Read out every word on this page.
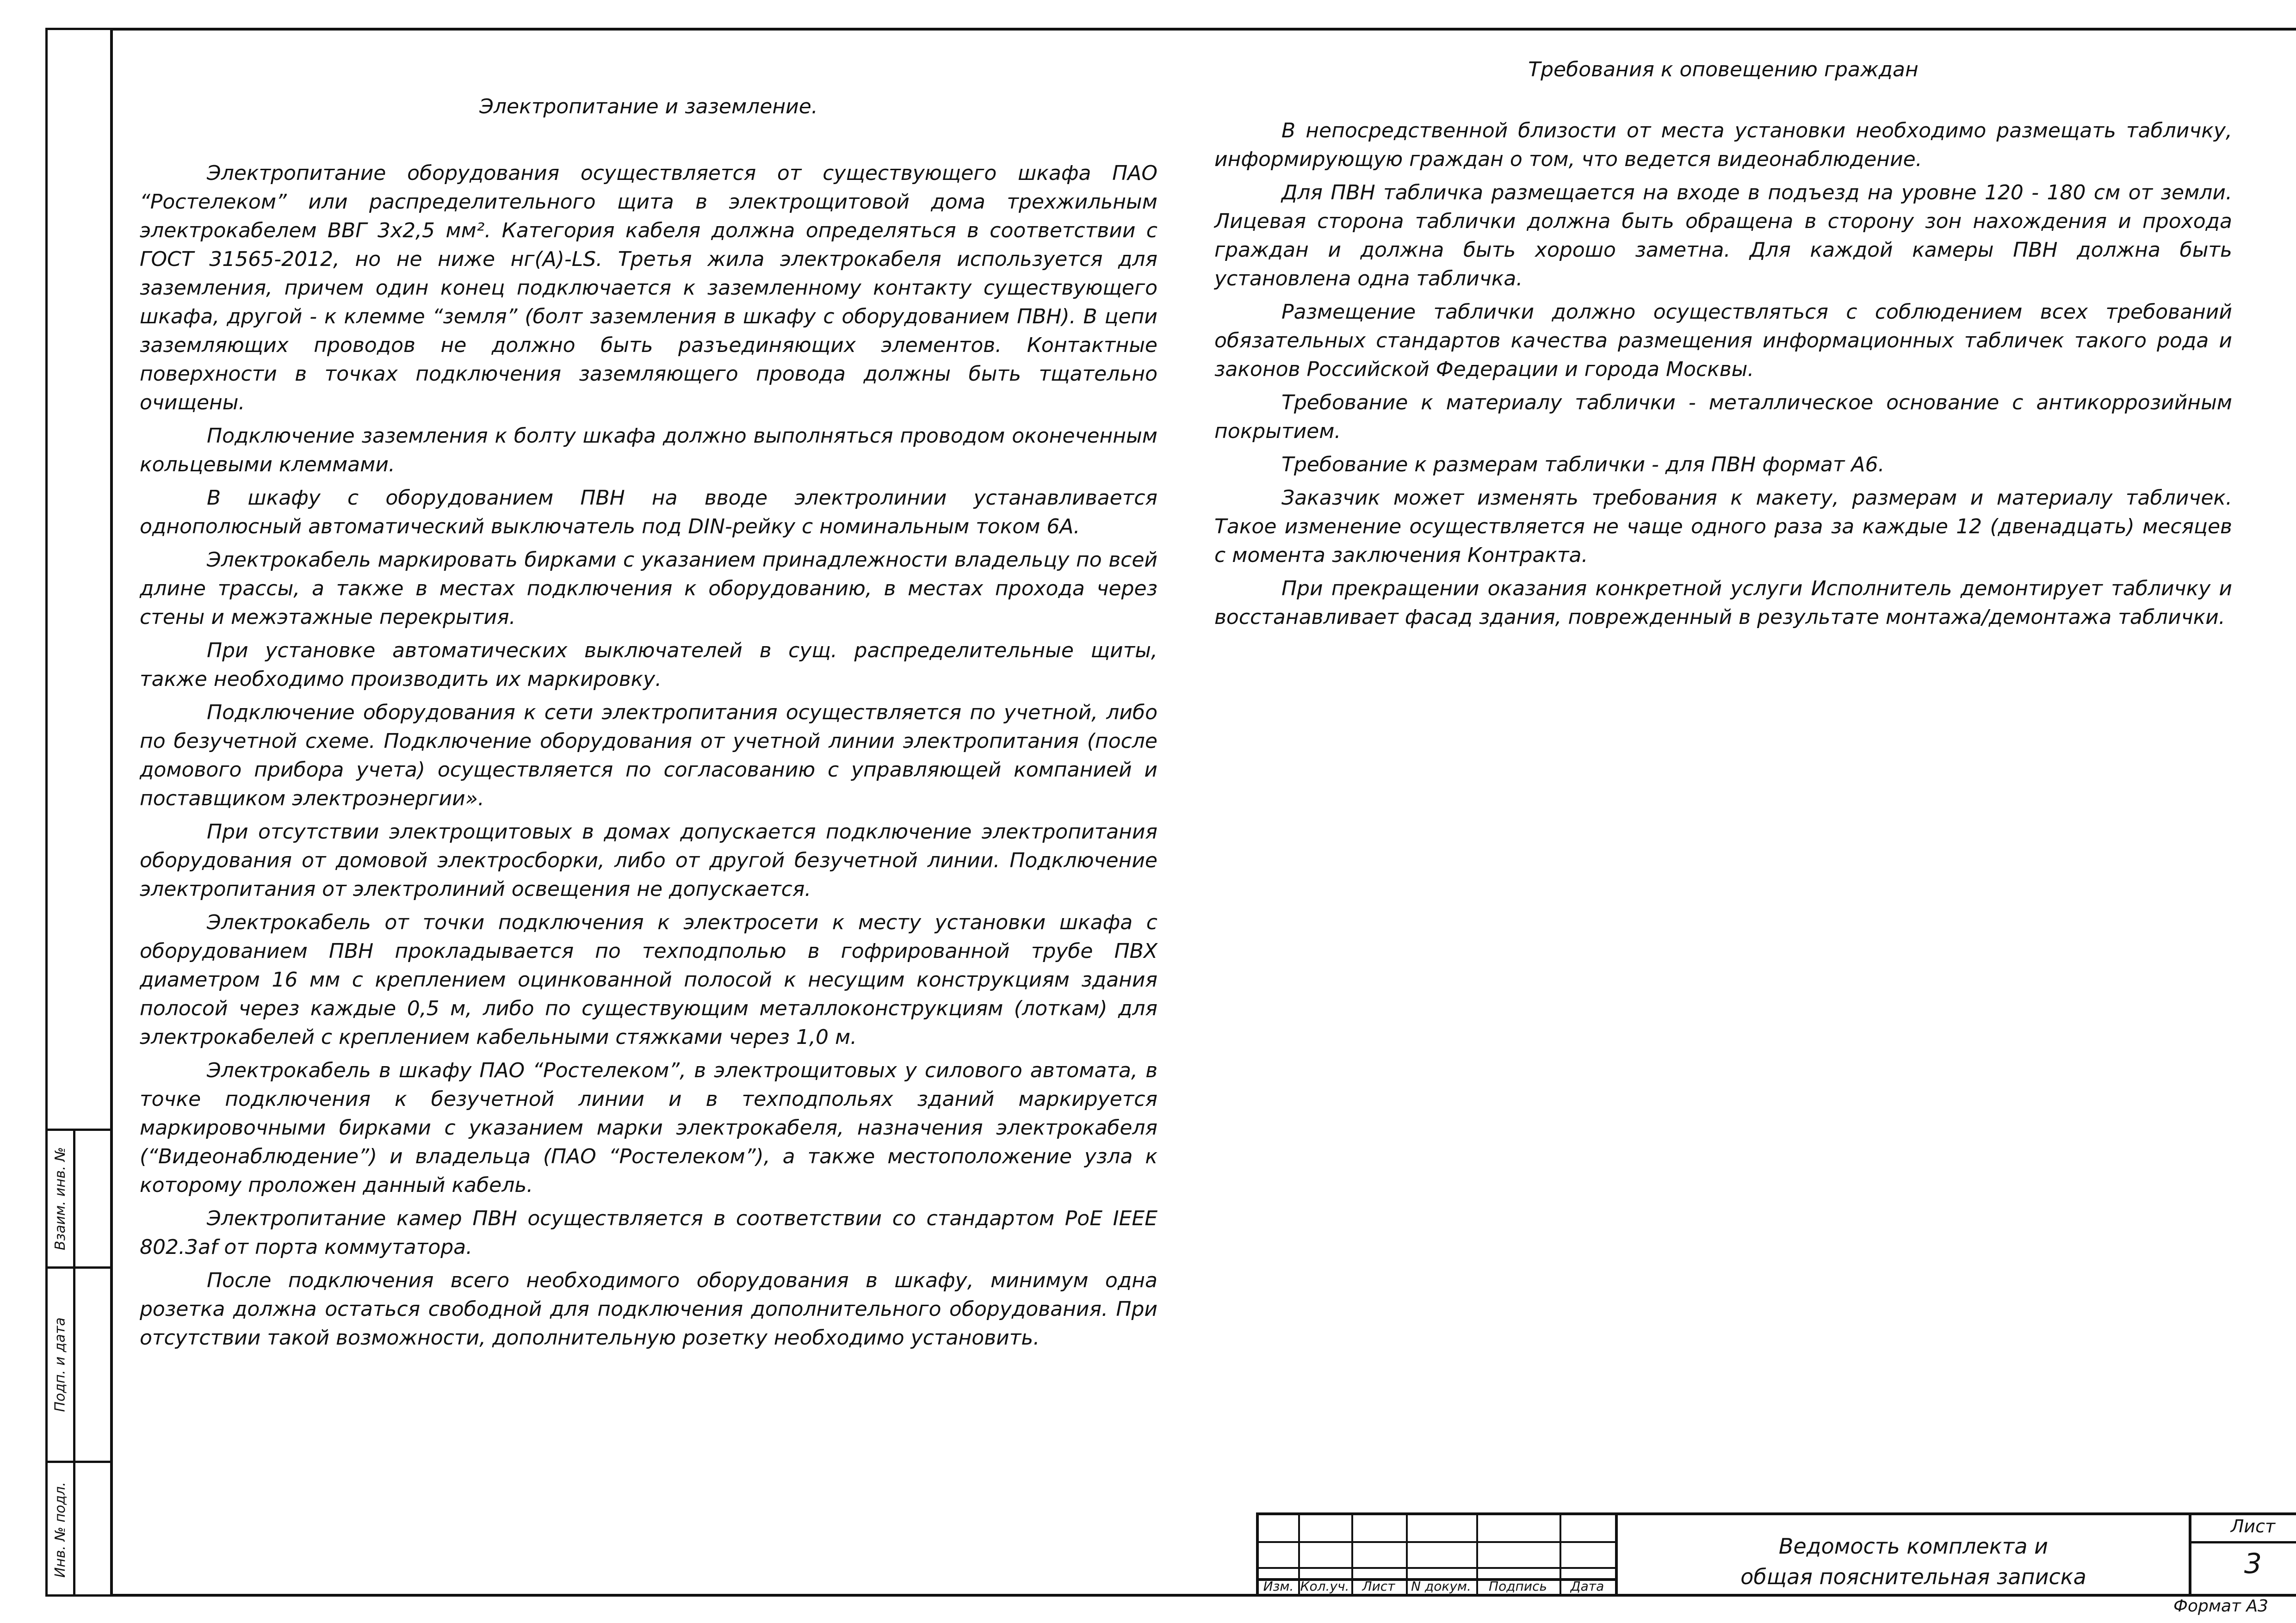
Электропитание и заземление.

Электропитание оборудования осуществляется от существующего шкафа ПАО “Ростелеком” или распределительного щита в электрощитовой дома трехжильным электрокабелем ВВГ 3х2,5 мм². Категория кабеля должна определяться в соответствии с ГОСТ 31565-2012, но не ниже нг(А)-LS. Третья жила электрокабеля используется для заземления, причем один конец подключается к заземленному контакту существующего шкафа, другой - к клемме “земля” (болт заземления в шкафу с оборудованием ПВН). В цепи заземляющих проводов не должно быть разъединяющих элементов. Контактные поверхности в точках подключения заземляющего провода должны быть тщательно очищены.

Подключение заземления к болту шкафа должно выполняться проводом оконеченным кольцевыми клеммами.

В шкафу с оборудованием ПВН на вводе электролинии устанавливается однополюсный автоматический выключатель под DIN-рейку с номинальным током 6А.

Электрокабель маркировать бирками с указанием принадлежности владельцу по всей длине трассы, а также в местах подключения к оборудованию, в местах прохода через стены и межэтажные перекрытия.

При установке автоматических выключателей в сущ. распределительные щиты, также необходимо производить их маркировку.

Подключение оборудования к сети электропитания осуществляется по учетной, либо по безучетной схеме. Подключение оборудования от учетной линии электропитания (после домового прибора учета) осуществляется по согласованию с управляющей компанией и поставщиком электроэнергии».

При отсутствии электрощитовых в домах допускается подключение электропитания оборудования от домовой электросборки, либо от другой безучетной линии. Подключение электропитания от электролиний освещения не допускается.

Электрокабель от точки подключения к электросети к месту установки шкафа с оборудованием ПВН прокладывается по техподполью в гофрированной трубе ПВХ диаметром 16 мм с креплением оцинкованной полосой к несущим конструкциям здания полосой через каждые 0,5 м, либо по существующим металлоконструкциям (лоткам) для электрокабелей с креплением кабельными стяжками через 1,0 м.

Электрокабель в шкафу ПАО “Ростелеком”, в электрощитовых у силового автомата, в точке подключения к безучетной линии и в техподпольях зданий маркируется маркировочными бирками с указанием марки электрокабеля, назначения электрокабеля (“Видеонаблюдение”) и владельца (ПАО “Ростелеком”), а также местоположение узла к которому проложен данный кабель.

Электропитание камер ПВН осуществляется в соответствии со стандартом PoE IEEE 802.3af от порта коммутатора.

После подключения всего необходимого оборудования в шкафу, минимум одна розетка должна остаться свободной для подключения дополнительного оборудования. При отсутствии такой возможности, дополнительную розетку необходимо установить.

Требования к оповещению граждан

В непосредственной близости от места установки необходимо размещать табличку, информирующую граждан о том, что ведется видеонаблюдение.

Для ПВН табличка размещается на входе в подъезд на уровне 120 - 180 см от земли. Лицевая сторона таблички должна быть обращена в сторону зон нахождения и прохода граждан и должна быть хорошо заметна. Для каждой камеры ПВН должна быть установлена одна табличка.

Размещение таблички должно осуществляться с соблюдением всех требований обязательных стандартов качества размещения информационных табличек такого рода и законов Российской Федерации и города Москвы.

Требование к материалу таблички - металлическое основание с антикоррозийным покрытием.

Требование к размерам таблички - для ПВН формат А6.

Заказчик может изменять требования к макету, размерам и материалу табличек. Такое изменение осуществляется не чаще одного раза за каждые 12 (двенадцать) месяцев с момента заключения Контракта.

При прекращении оказания конкретной услуги Исполнитель демонтирует табличку и восстанавливает фасад здания, поврежденный в результате монтажа/демонтажа таблички.

Взаим. инв. №
Подп. и дата
Инв. № подл.
Изм. Кол.уч.	Лист	N докум.	Подпись	Дата
Ведомость комплекта и
общая пояснительная записка
Лист
3
Формат А3
